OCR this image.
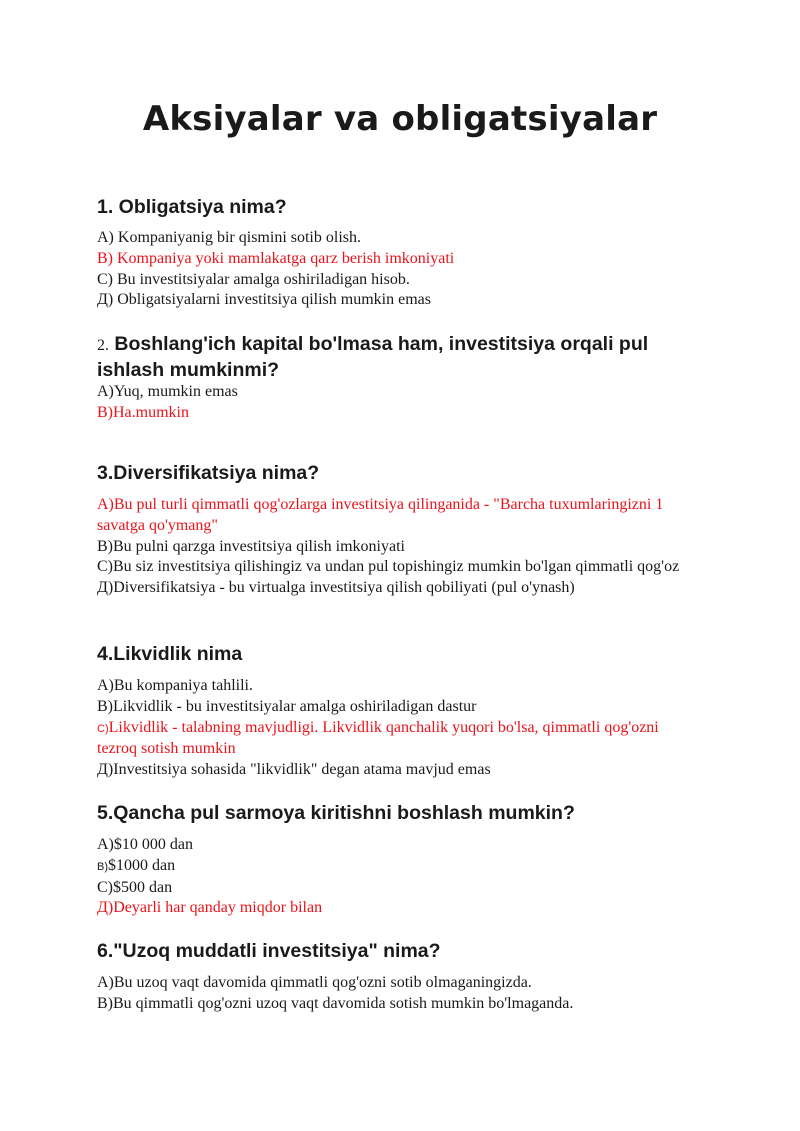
Aksiyalar va obligatsiyalar

1. Obligatsiya nima?

A) Kompaniyanig bir qismini sotib olish.
B) Kompaniya yoki mamlakatga qarz berish imkoniyati
C) Bu investitsiyalar amalga oshiriladigan hisob.
Д) Obligatsiyalarni investitsiya qilish mumkin emas

2. Boshlang'ich kapital bo'lmasa ham, investitsiya orqali pul ishlash mumkinmi?

A)Yuq, mumkin emas
B)Ha.mumkin

3.Diversifikatsiya nima?

A)Bu pul turli qimmatli qog'ozlarga investitsiya qilinganida - "Barcha tuxumlaringizni 1 savatga qo'ymang"
B)Bu pulni qarzga investitsiya qilish imkoniyati
C)Bu siz investitsiya qilishingiz va undan pul topishingiz mumkin bo'lgan qimmatli qog'oz
Д)Diversifikatsiya - bu virtualga investitsiya qilish qobiliyati (pul o'ynash)

4.Likvidlik nima

A)Bu kompaniya tahlili.
B)Likvidlik - bu investitsiyalar amalga oshiriladigan dastur
C)Likvidlik - talabning mavjudligi. Likvidlik qanchalik yuqori bo'lsa, qimmatli qog'ozni tezroq sotish mumkin
Д)Investitsiya sohasida "likvidlik" degan atama mavjud emas

5.Qancha pul sarmoya kiritishni boshlash mumkin?

A)$10 000 dan
B)$1000 dan
C)$500 dan
Д)Deyarli har qanday miqdor bilan

6."Uzoq muddatli investitsiya" nima?

A)Bu uzoq vaqt davomida qimmatli qog'ozni sotib olmaganingizda.
B)Bu qimmatli qog'ozni uzoq vaqt davomida sotish mumkin bo'lmaganda.
